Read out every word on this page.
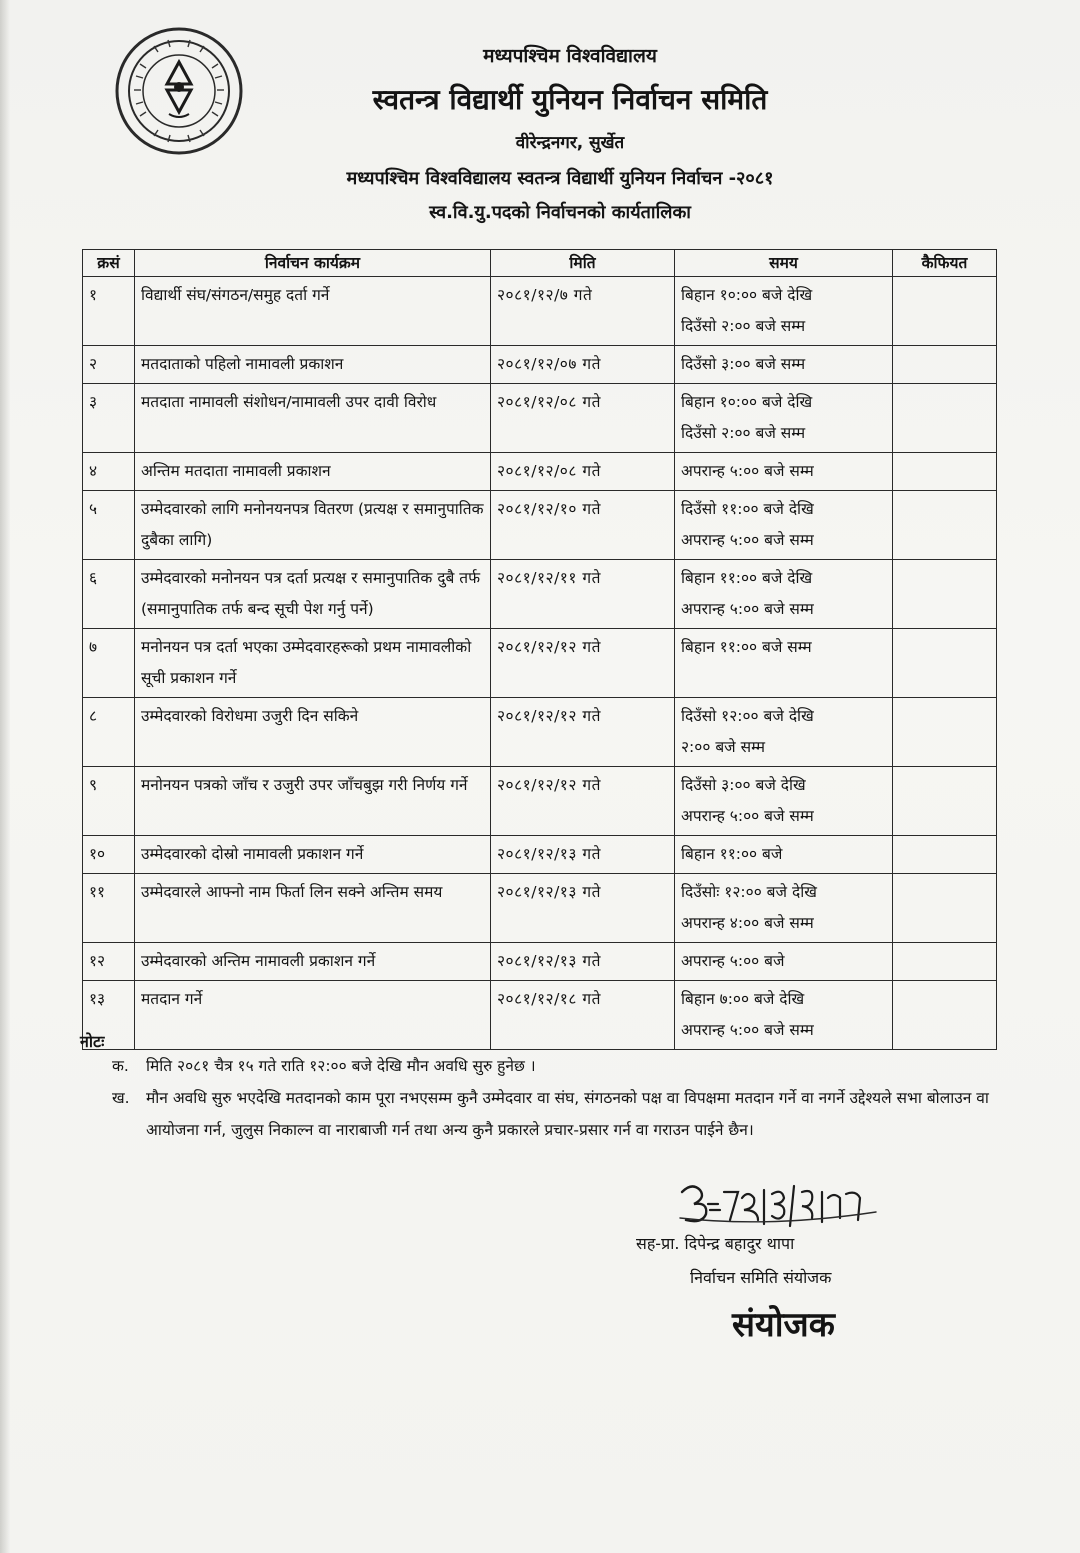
मध्यपश्चिम विश्वविद्यालय
स्वतन्त्र विद्यार्थी युनियन निर्वाचन समिति
वीरेन्द्रनगर, सुर्खेत
मध्यपश्चिम विश्वविद्यालय स्वतन्त्र विद्यार्थी युनियन निर्वाचन -२०८१
स्व.वि.यु.पदको निर्वाचनको कार्यतालिका
क्रसं	निर्वाचन कार्यक्रम	मिति	समय	कैफियत
१	विद्यार्थी संघ/संगठन/समुह दर्ता गर्ने	२०८१/१२/७ गते	बिहान १०:०० बजे देखि
दिउँसो २:०० बजे सम्म	

२	मतदाताको पहिलो नामावली प्रकाशन	२०८१/१२/०७ गते	दिउँसो ३:०० बजे सम्म	

३	मतदाता नामावली संशोधन/नामावली उपर दावी विरोध	२०८१/१२/०८ गते	बिहान १०:०० बजे देखि
दिउँसो २:०० बजे सम्म	

४	अन्तिम मतदाता नामावली प्रकाशन	२०८१/१२/०८ गते	अपरान्ह ५:०० बजे सम्म	

५	उम्मेदवारको लागि मनोनयनपत्र वितरण (प्रत्यक्ष र समानुपातिक दुबैका लागि)	२०८१/१२/१० गते	दिउँसो ११:०० बजे देखि
अपरान्ह ५:०० बजे सम्म	

६	उम्मेदवारको मनोनयन पत्र दर्ता प्रत्यक्ष र समानुपातिक दुबै तर्फ (समानुपातिक तर्फ बन्द सूची पेश गर्नु पर्ने)	२०८१/१२/११ गते	बिहान ११:०० बजे देखि
अपरान्ह ५:०० बजे सम्म	

७	मनोनयन पत्र दर्ता भएका उम्मेदवारहरूको प्रथम नामावलीको सूची प्रकाशन गर्ने	२०८१/१२/१२ गते	बिहान ११:०० बजे सम्म	

८	उम्मेदवारको विरोधमा उजुरी दिन सकिने	२०८१/१२/१२ गते	दिउँसो १२:०० बजे देखि
२:०० बजे सम्म	

९	मनोनयन पत्रको जाँच र उजुरी उपर जाँचबुझ गरी निर्णय गर्ने	२०८१/१२/१२ गते	दिउँसो ३:०० बजे देखि
अपरान्ह ५:०० बजे सम्म	

१०	उम्मेदवारको दोस्रो नामावली प्रकाशन गर्ने	२०८१/१२/१३ गते	बिहान ११:०० बजे	

११	उम्मेदवारले आफ्नो नाम फिर्ता लिन सक्ने अन्तिम समय	२०८१/१२/१३ गते	दिउँसोः १२:०० बजे देखि
अपरान्ह ४:०० बजे सम्म	

१२	उम्मेदवारको अन्तिम नामावली प्रकाशन गर्ने	२०८१/१२/१३ गते	अपरान्ह ५:०० बजे	

१३	मतदान गर्ने	२०८१/१२/१८ गते	बिहान ७:०० बजे देखि
अपरान्ह ५:०० बजे सम्म	

नोटः
क.	मिति २०८१ चैत्र १५ गते राति १२:०० बजे देखि मौन अवधि सुरु हुनेछ ।
ख.	मौन अवधि सुरु भएदेखि मतदानको काम पूरा नभएसम्म कुनै उम्मेदवार वा संघ, संगठनको पक्ष वा विपक्षमा मतदान गर्ने वा नगर्ने उद्देश्यले सभा बोलाउन वा आयोजना गर्न, जुलुस निकाल्न वा नाराबाजी गर्न तथा अन्य कुनै प्रकारले प्रचार-प्रसार गर्न वा गराउन पाईने छैन।
सह-प्रा. दिपेन्द्र बहादुर थापा
निर्वाचन समिति संयोजक
संयोजक
